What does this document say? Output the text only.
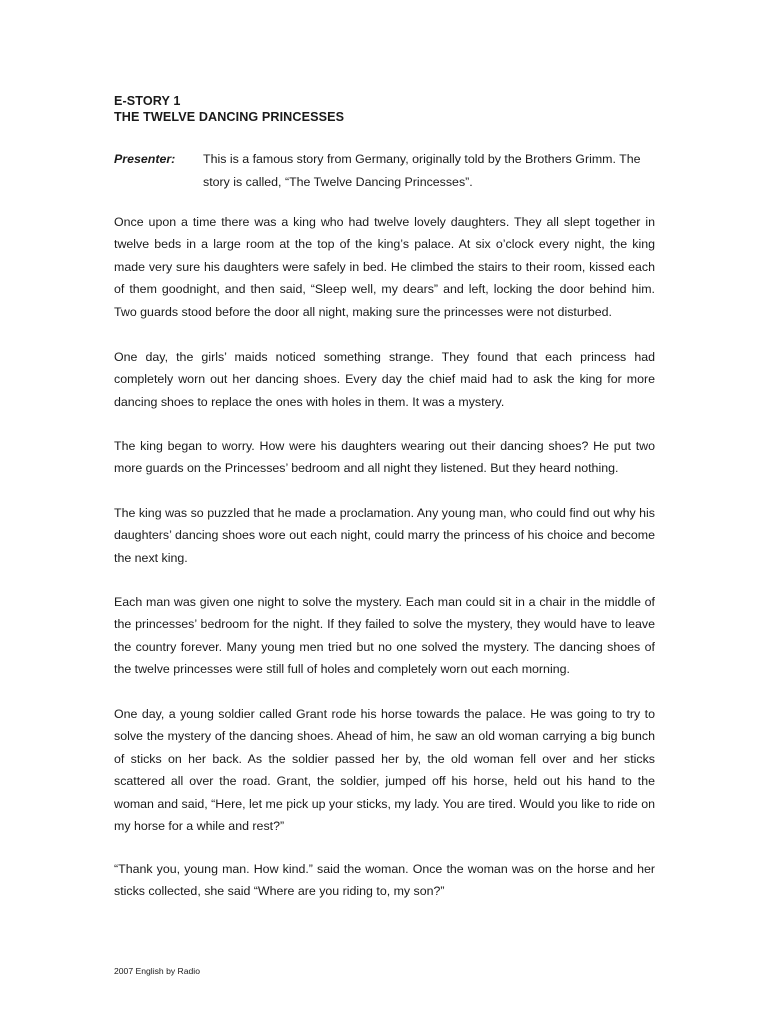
E-STORY 1
THE TWELVE DANCING PRINCESSES
Presenter: This is a famous story from Germany, originally told by the Brothers Grimm. The story is called, “The Twelve Dancing Princesses”.

Once upon a time there was a king who had twelve lovely daughters. They all slept together in twelve beds in a large room at the top of the king’s palace. At six o’clock every night, the king made very sure his daughters were safely in bed. He climbed the stairs to their room, kissed each of them goodnight, and then said, “Sleep well, my dears” and left, locking the door behind him. Two guards stood before the door all night, making sure the princesses were not disturbed.

One day, the girls’ maids noticed something strange. They found that each princess had completely worn out her dancing shoes. Every day the chief maid had to ask the king for more dancing shoes to replace the ones with holes in them. It was a mystery.

The king began to worry. How were his daughters wearing out their dancing shoes? He put two more guards on the Princesses’ bedroom and all night they listened. But they heard nothing.

The king was so puzzled that he made a proclamation. Any young man, who could find out why his daughters’ dancing shoes wore out each night, could marry the princess of his choice and become the next king.

Each man was given one night to solve the mystery. Each man could sit in a chair in the middle of the princesses’ bedroom for the night. If they failed to solve the mystery, they would have to leave the country forever. Many young men tried but no one solved the mystery. The dancing shoes of the twelve princesses were still full of holes and completely worn out each morning.

One day, a young soldier called Grant rode his horse towards the palace. He was going to try to solve the mystery of the dancing shoes. Ahead of him, he saw an old woman carrying a big bunch of sticks on her back. As the soldier passed her by, the old woman fell over and her sticks scattered all over the road. Grant, the soldier, jumped off his horse, held out his hand to the woman and said, “Here, let me pick up your sticks, my lady. You are tired. Would you like to ride on my horse for a while and rest?”

“Thank you, young man. How kind.” said the woman. Once the woman was on the horse and her sticks collected, she said “Where are you riding to, my son?”

2007 English by Radio
